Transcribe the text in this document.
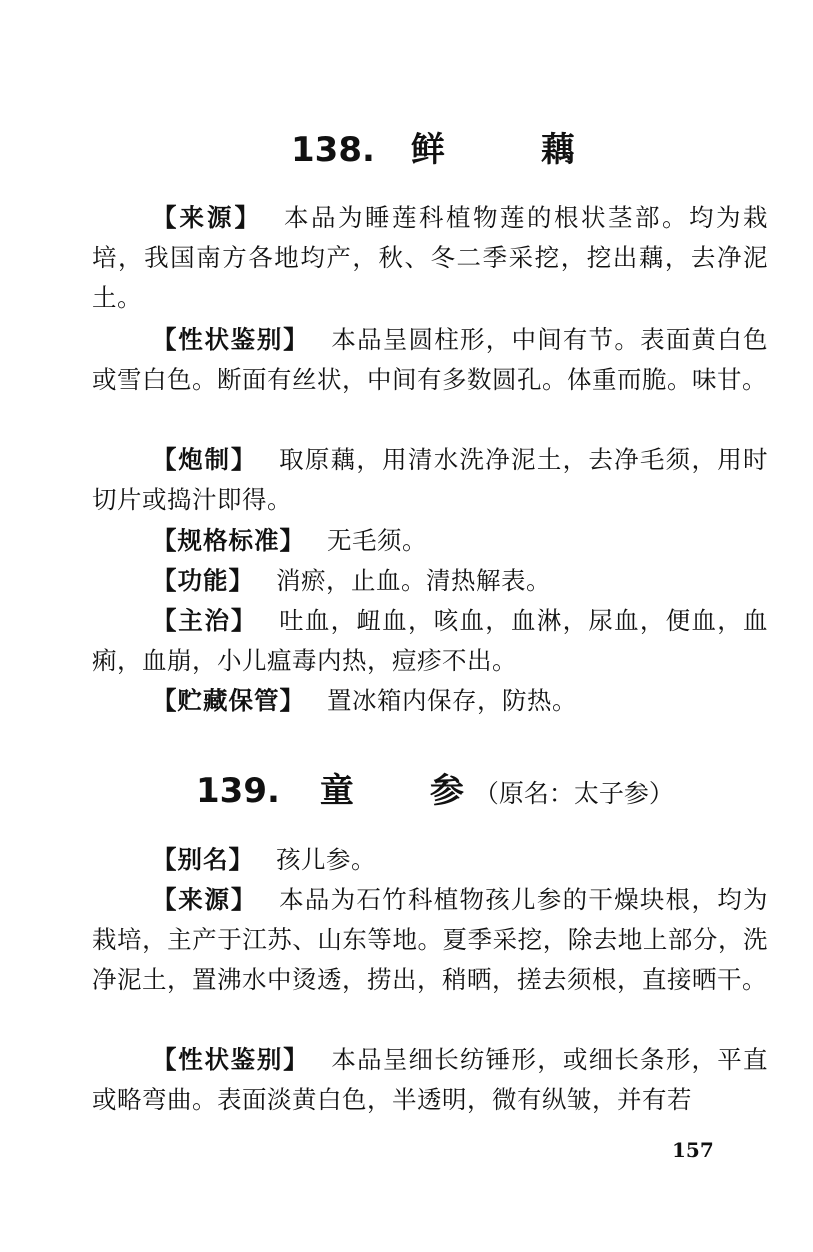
138. 鲜	藕

【来源】 本品为睡莲科植物莲的根状茎部。均为栽培，我国南方各地均产，秋、冬二季采挖，挖出藕，去净泥土。

【性状鉴别】 本品呈圆柱形，中间有节。表面黄白色或雪白色。断面有丝状，中间有多数圆孔。体重而脆。味甘。

【炮制】 取原藕，用清水洗净泥土，去净毛须，用时切片或捣汁即得。

【规格标准】 无毛须。

【功能】 消瘀，止血。清热解表。

【主治】 吐血，衄血，咳血，血淋，尿血，便血，血痢，血崩，小儿瘟毒内热，痘疹不出。

【贮藏保管】 置冰箱内保存，防热。

139. 童 参 （原名：太子参）

【别名】 孩儿参。

【来源】 本品为石竹科植物孩儿参的干燥块根，均为栽培，主产于江苏、山东等地。夏季采挖，除去地上部分，洗净泥土，置沸水中烫透，捞出，稍晒，搓去须根，直接晒干。

【性状鉴别】 本品呈细长纺锤形，或细长条形，平直或略弯曲。表面淡黄白色，半透明，微有纵皱，并有若

157
